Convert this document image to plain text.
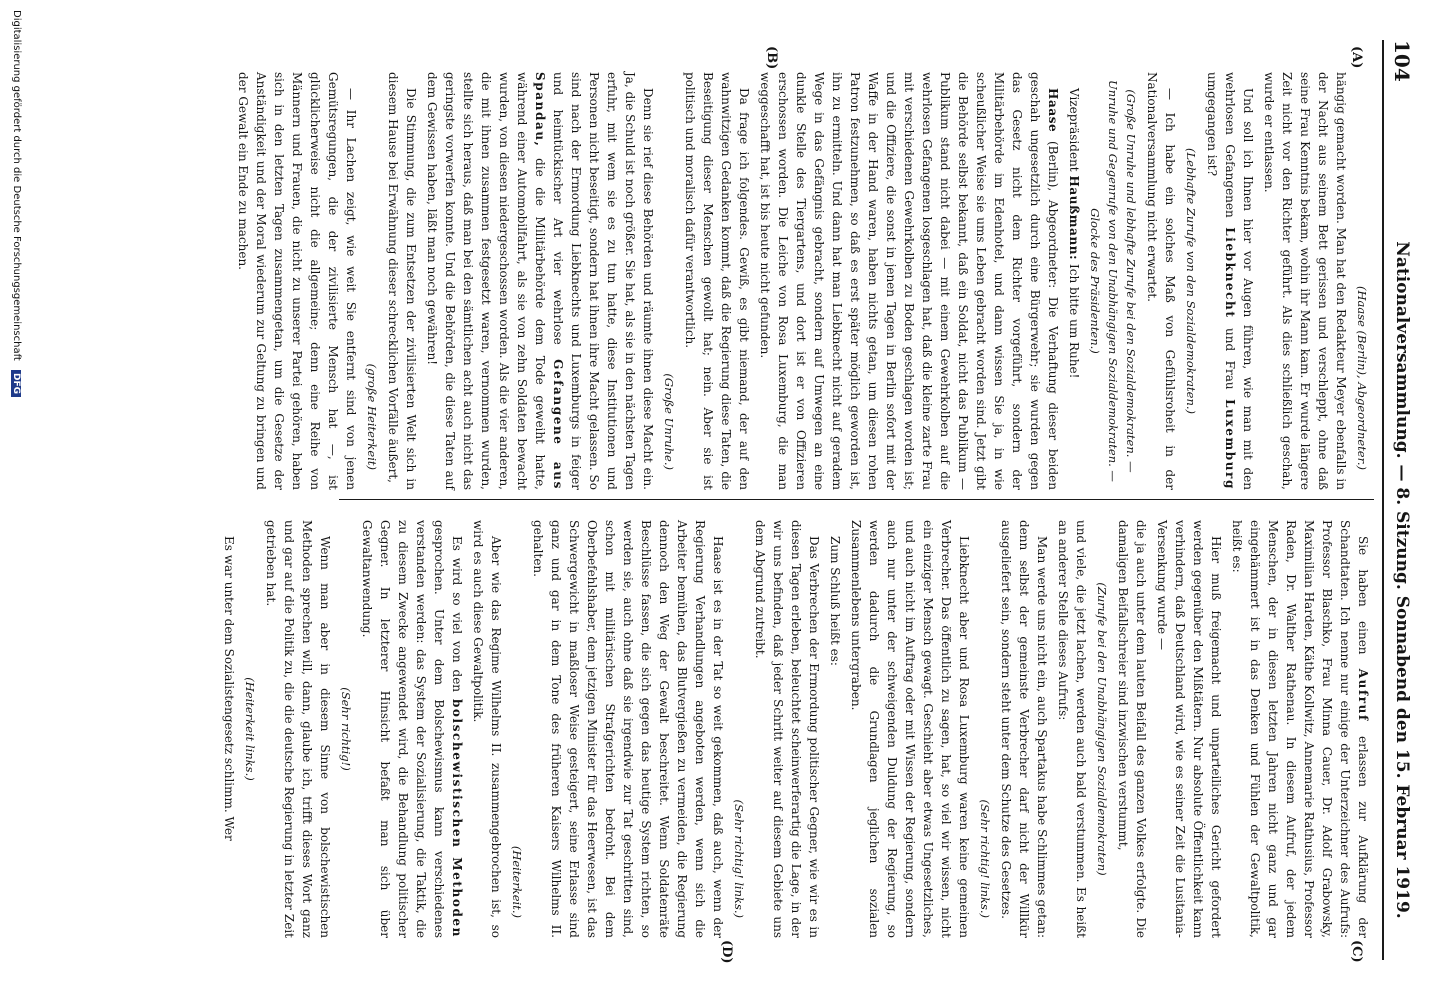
104
Nationalversammlung. — 8. Sitzung. Sonnabend den 15. Februar 1919.
(A)
(B)
(C)
(D)

(Haase (Berlin), Abgeordneter.)

hängig gemacht worden. Man hat den Redakteur Meyer ebenfalls in der Nacht aus seinem Bett gerissen und verschleppt, ohne daß seine Frau Kenntnis bekam, wohin ihr Mann kam. Er wurde längere Zeit nicht vor den Richter geführt. Als dies schließlich geschah, wurde er entlassen.

Und soll ich Ihnen hier vor Augen führen, wie man mit den wehrlosen Gefangenen Liebknecht und Frau Luxemburg umgegangen ist?

(Lebhafte Zurufe von den Sozialdemokraten.)

— Ich habe ein solches Maß von Gefühlsroheit in der Nationalversammlung nicht erwartet.

(Große Unruhe und lebhafte Zurufe bei den Sozialdemokraten. — Unruhe und Gegenrufe von den Unabhängigen Sozialdemokraten. — Glocke des Präsidenten.)

Vizepräsident Haußmann: Ich bitte um Ruhe!

Haase (Berlin), Abgeordneter: Die Verhaftung dieser beiden geschah ungesetzlich durch eine Bürgerwehr; sie wurden gegen das Gesetz nicht dem Richter vorgeführt, sondern der Militärbehörde im Edenhotel, und dann wissen Sie ja, in wie scheußlicher Weise sie ums Leben gebracht worden sind. Jetzt gibt die Behörde selbst bekannt, daß ein Soldat, nicht das Publikum — Publikum stand nicht dabei — mit einem Gewehrkolben auf die wehrlosen Gefangenen losgeschlagen hat, daß die kleine zarte Frau mit verschiedenen Gewehrkolben zu Boden geschlagen worden ist; und die Offiziere, die sonst in jenen Tagen in Berlin sofort mit der Waffe in der Hand waren, haben nichts getan, um diesen rohen Patron festzunehmen, so daß es erst später möglich geworden ist, ihn zu ermitteln. Und dann hat man Liebknecht nicht auf geradem Wege in das Gefängnis gebracht, sondern auf Umwegen an eine dunkle Stelle des Tiergartens, und dort ist er von Offizieren erschossen worden. Die Leiche von Rosa Luxemburg, die man weggeschafft hat, ist bis heute nicht gefunden.

Da frage ich folgendes. Gewiß, es gibt niemand, der auf den wahnwitzigen Gedanken kommt, daß die Regierung diese Taten, die Beseitigung dieser Menschen gewollt hat; nein. Aber sie ist politisch und moralisch dafür verantwortlich.

(Große Unruhe.)

Denn sie rief diese Behörden und räumte ihnen diese Macht ein. Ja, die Schuld ist noch größer. Sie hat, als sie in den nächsten Tagen erfuhr, mit wem sie es zu tun hatte, diese Institutionen und Personen nicht beseitigt, sondern hat ihnen ihre Macht gelassen. So sind nach der Ermordung Liebknechts und Luxemburgs in feiger und heimtückischer Art vier wehrlose Gefangene aus Spandau, die die Militärbehörde dem Tode geweiht hatte, während einer Automobilfahrt, als sie von zehn Soldaten bewacht wurden, von diesen niedergeschossen worden. Als die vier anderen, die mit ihnen zusammen festgesetzt waren, vernommen wurden, stellte sich heraus, daß man bei den sämtlichen acht auch nicht das geringste vorwerfen konnte. Und die Behörden, die diese Taten auf dem Gewissen haben, läßt man noch gewähren!

Die Stimmung, die zum Entsetzen der zivilisierten Welt sich in diesem Hause bei Erwähnung dieser schrecklichen Vorfälle äußert,

(große Heiterkeit)

— Ihr Lachen zeigt, wie weit Sie entfernt sind von jenen Gemütsregungen, die der zivilisierte Mensch hat —, ist glücklicherweise nicht die allgemeine; denn eine Reihe von Männern und Frauen, die nicht zu unserer Partei gehören, haben sich in den letzten Tagen zusammengetan, um die Gesetze der Anständigkeit und der Moral wiederum zur Geltung zu bringen und der Gewalt ein Ende zu machen.

Sie haben einen Aufruf erlassen zur Aufklärung der Schandtaten. Ich nenne nur einige der Unterzeichner des Aufrufs: Professor Blaschko, Frau Minna Cauer, Dr. Adolf Grabowsky, Maximilian Harden, Käthe Kollwitz, Annemarie Rathusius, Professor Raden, Dr. Walther Rathenau. In diesem Aufruf, der jedem Menschen, der in diesen letzten Jahren nicht ganz und gar eingehämmert ist in das Denken und Fühlen der Gewaltpolitik, heißt es:

Hier muß freigemacht und unparteiliches Gericht gefordert werden gegenüber den Mißtätern. Nur absolute Öffentlichkeit kann verhindern, daß Deutschland wird, wie es seiner Zeit die Lusitania-Versenkung wurde —

die ja auch unter dem lauten Beifall des ganzen Volkes erfolgte. Die damaligen Beifallschreier sind inzwischen verstummt,

(Zurufe bei den Unabhängigen Sozialdemokraten)

und viele, die jetzt lachen, werden auch bald verstummen. Es heißt an anderer Stelle dieses Aufrufs:

Man werde uns nicht ein, auch Spartakus habe Schlimmes getan: denn selbst der gemeinste Verbrecher darf nicht der Willkür ausgeliefert sein, sondern steht unter dem Schutze des Gesetzes.

(Sehr richtig! links.)

Liebknecht aber und Rosa Luxemburg waren keine gemeinen Verbrecher. Das öffentlich zu sagen, hat, so viel wir wissen, nicht ein einziger Mensch gewagt. Geschieht aber etwas Ungesetzliches, und auch nicht im Auftrag oder mit Wissen der Regierung, sondern auch nur unter der schweigenden Duldung der Regierung, so werden dadurch die Grundlagen jeglichen sozialen Zusammenlebens untergraben.

Zum Schluß heißt es:

Das Verbrechen der Ermordung politischer Gegner, wie wir es in diesen Tagen erleben, beleuchtet scheinwerferartig die Lage, in der wir uns befinden, daß jeder Schritt weiter auf diesem Gebiete uns dem Abgrund zutreibt.

(Sehr richtig! links.)

Haase ist es in der Tat so weit gekommen, daß auch, wenn der Regierung Verhandlungen angeboten werden, wenn sich die Arbeiter bemühen, das Blutvergießen zu vermeiden, die Regierung dennoch den Weg der Gewalt beschreitet. Wenn Soldatenräte Beschlüsse fassen, die sich gegen das heutige System richten, so werden sie, auch ohne daß sie irgendwie zur Tat geschritten sind, schon mit militärischen Strafgerichten bedroht. Bei dem Oberbefehlshaber, dem jetzigen Minister für das Heerwesen, ist das Schwergewicht in maßloser Weise gesteigert, seine Erlasse sind ganz und gar in dem Tone des früheren Kaisers Wilhelms II. gehalten.

(Heiterkeit.)

Aber wie das Regime Wilhelms II. zusammengebrochen ist, so wird es auch diese Gewaltpolitik.

Es wird so viel von den bolschewistischen Methoden gesprochen. Unter dem Bolschewismus kann verschiedenes verstanden werden: das System der Sozialisierung, die Taktik, die zu diesem Zwecke angewendet wird, die Behandlung politischer Gegner. In letzterer Hinsicht befaßt man sich über Gewaltanwendung.

(Sehr richtig!)

Wenn man aber in diesem Sinne von bolschewistischen Methoden sprechen will, dann, glaube ich, trifft dieses Wort ganz und gar auf die Politik zu, die die deutsche Regierung in letzter Zeit getrieben hat.

(Heiterkeit links.)

Es war unter dem Sozialistengesetz schlimm. Wer

Digitalisierung gefördert durch die Deutsche Forschungsgemeinschaft DFG
